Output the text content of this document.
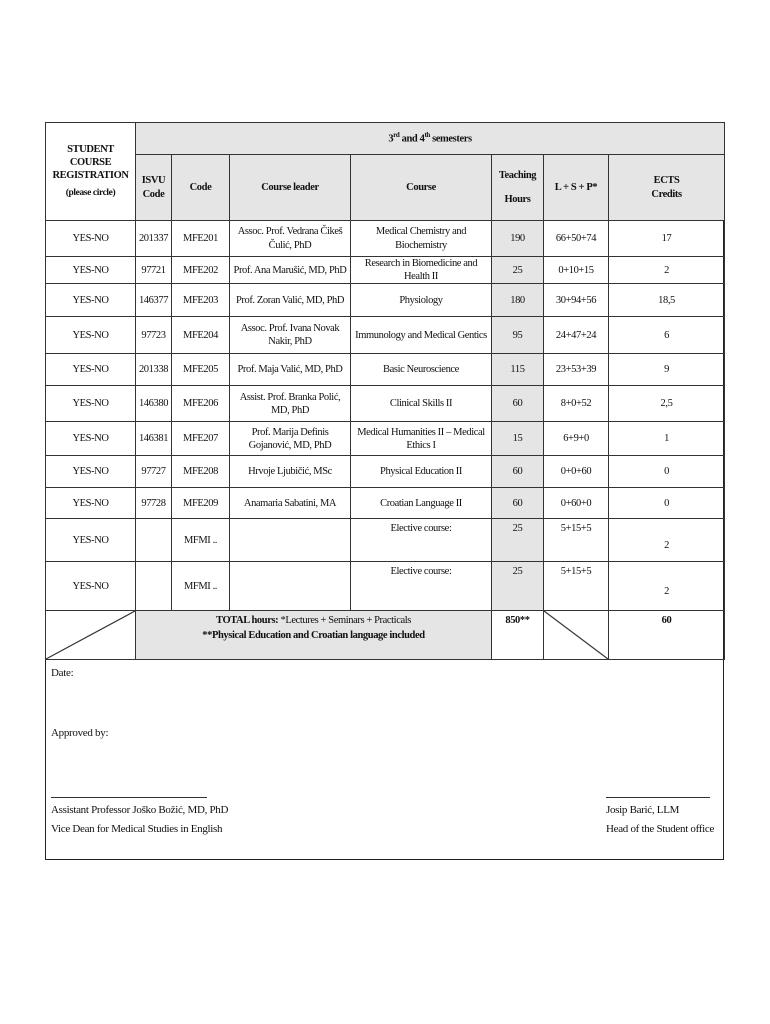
STUDENT COURSE REGISTRATION
(please circle)	3rd and 4th semesters						
	ISVU Code	Code	Course leader	Course	Teaching Hours	L + S + P*	ECTS Credits
YES-NO	201337	MFE201	Assoc. Prof. Vedrana Čikeš Čulić, PhD	Medical Chemistry and Biochemistry	190	66+50+74	17
YES-NO	97721	MFE202	Prof. Ana Marušić, MD, PhD	Research in Biomedicine and Health II	25	0+10+15	2
YES-NO	146377	MFE203	Prof. Zoran Valić, MD, PhD	Physiology	180	30+94+56	18,5
YES-NO	97723	MFE204	Assoc. Prof. Ivana Novak Nakir, PhD	Immunology and Medical Gentics	95	24+47+24	6
YES-NO	201338	MFE205	Prof. Maja Valić, MD, PhD	Basic Neuroscience	115	23+53+39	9
YES-NO	146380	MFE206	Assist. Prof. Branka Polić, MD, PhD	Clinical Skills II	60	8+0+52	2,5
YES-NO	146381	MFE207	Prof. Marija Definis Gojanović, MD, PhD	Medical Humanities II – Medical Ethics I	15	6+9+0	1
YES-NO	97727	MFE208	Hrvoje Ljubičić, MSc	Physical Education II	60	0+0+60	0
YES-NO	97728	MFE209	Anamaria Sabatini, MA	Croatian Language II	60	0+60+0	0
YES-NO		MFMI ..		Elective course:	25	5+15+5	2
YES-NO		MFMI ..		Elective course:	25	5+15+5	2

TOTAL hours: *Lectures + Seminars + Practicals
**Physical Education and Croatian language included				850**		60
Date:
Approved by:
Assistant Professor Joško Božić, MD, PhD
Vice Dean for Medical Studies in English
Josip Barić, LLM
Head of the Student office
